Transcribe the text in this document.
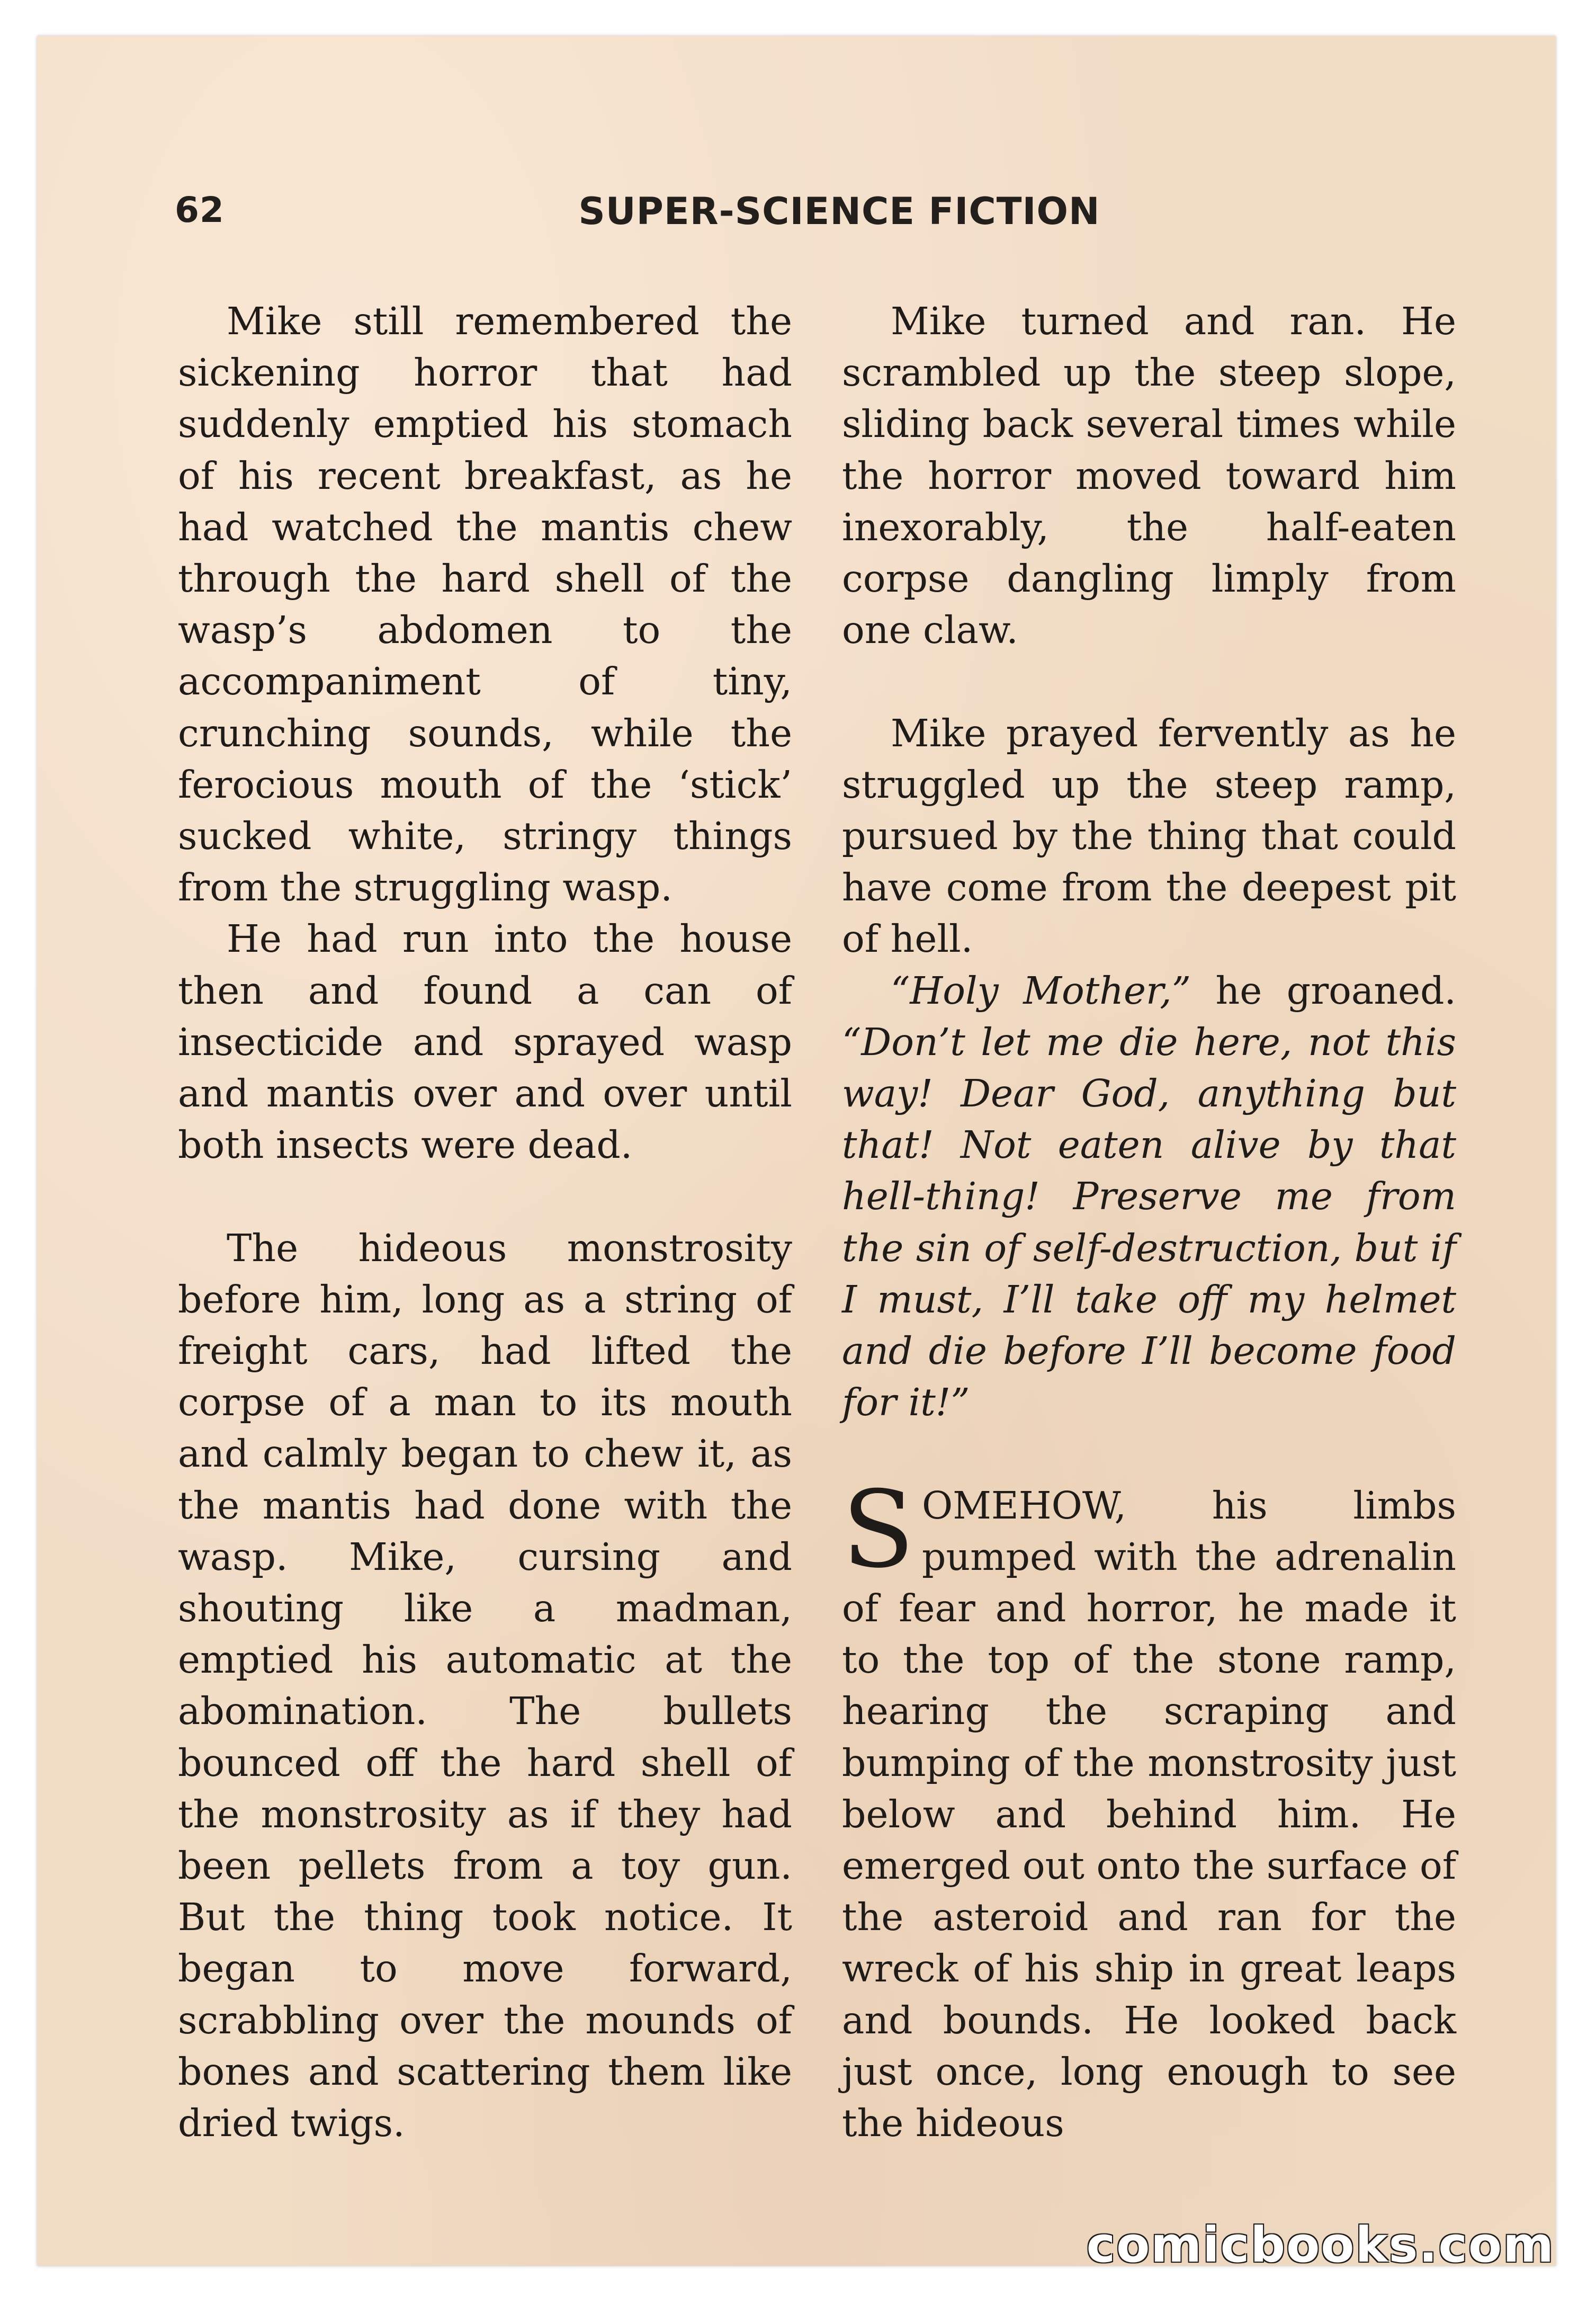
62	SUPER-SCIENCE FICTION

Mike still remembered the sickening horror that had suddenly emptied his stomach of his recent breakfast, as he had watched the mantis chew through the hard shell of the wasp’s abdomen to the accompaniment of tiny, crunching sounds, while the ferocious mouth of the ‘stick’ sucked white, stringy things from the struggling wasp.

He had run into the house then and found a can of insecticide and sprayed wasp and mantis over and over until both insects were dead.

The hideous monstrosity before him, long as a string of freight cars, had lifted the corpse of a man to its mouth and calmly began to chew it, as the mantis had done with the wasp. Mike, cursing and shouting like a madman, emptied his automatic at the abomination. The bullets bounced off the hard shell of the monstrosity as if they had been pellets from a toy gun. But the thing took notice. It began to move forward, scrabbling over the mounds of bones and scattering them like dried twigs.

Mike turned and ran. He scrambled up the steep slope, sliding back several times while the horror moved toward him inexorably, the half-eaten corpse dangling limply from one claw.

Mike prayed fervently as he struggled up the steep ramp, pursued by the thing that could have come from the deepest pit of hell.

“Holy Mother,” he groaned. “Don’t let me die here, not this way! Dear God, anything but that! Not eaten alive by that hell-thing! Preserve me from the sin of self-destruction, but if I must, I’ll take off my helmet and die before I’ll become food for it!”

SOMEHOW, his limbs pumped with the adrenalin of fear and horror, he made it to the top of the stone ramp, hearing the scraping and bumping of the monstrosity just below and behind him. He emerged out onto the surface of the asteroid and ran for the wreck of his ship in great leaps and bounds. He looked back just once, long enough to see the hideous

comicbooks.com
